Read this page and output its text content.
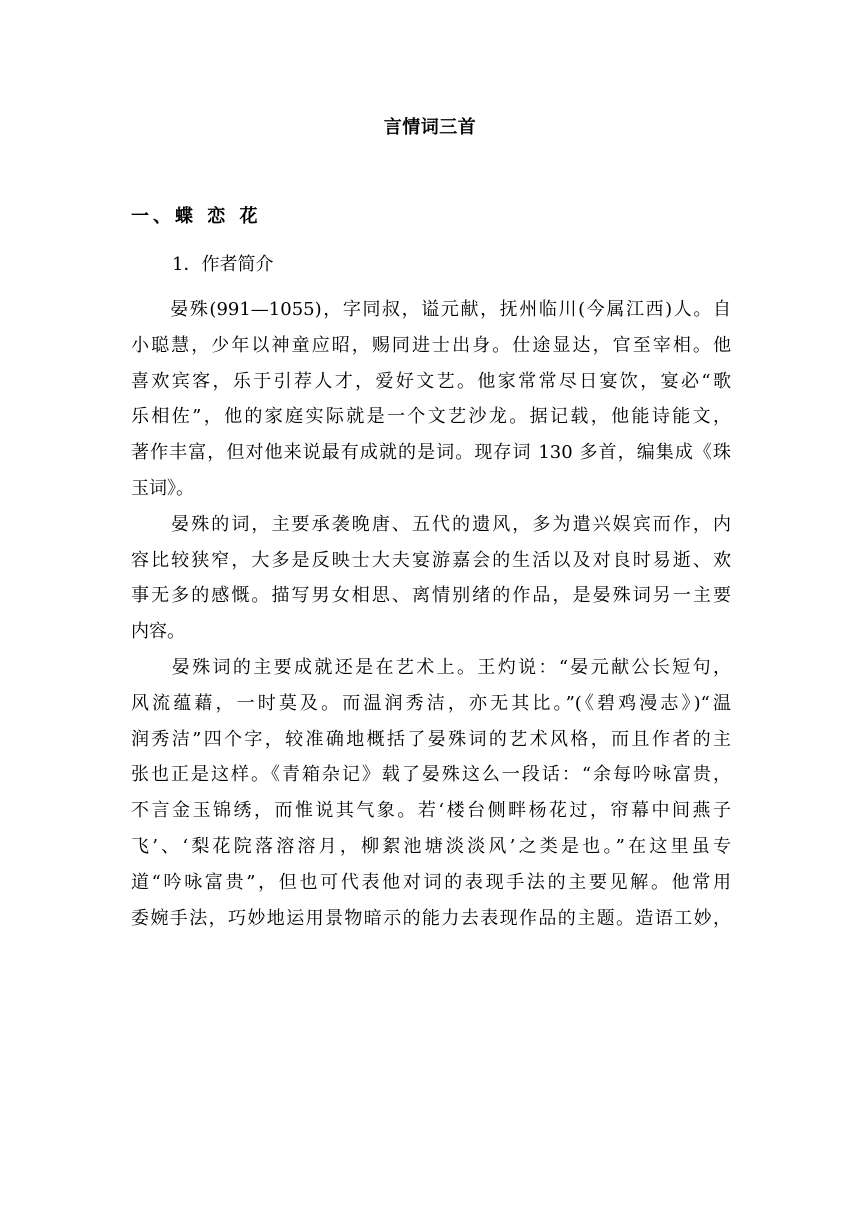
言情词三首
一、蝶 恋 花
1．作者简介
　　晏殊(991—1055)，字同叔，谥元献，抚州临川(今属江西)人。自
小聪慧，少年以神童应昭，赐同进士出身。仕途显达，官至宰相。他
喜欢宾客，乐于引荐人才，爱好文艺。他家常常尽日宴饮，宴必“歌
乐相佐”，他的家庭实际就是一个文艺沙龙。据记载，他能诗能文，
著作丰富，但对他来说最有成就的是词。现存词 130 多首，编集成《珠
玉词》。
　　晏殊的词，主要承袭晚唐、五代的遗风，多为遣兴娱宾而作，内
容比较狭窄，大多是反映士大夫宴游嘉会的生活以及对良时易逝、欢
事无多的感慨。描写男女相思、离情别绪的作品，是晏殊词另一主要
内容。
　　晏殊词的主要成就还是在艺术上。王灼说：“晏元献公长短句，
风流蕴藉，一时莫及。而温润秀洁，亦无其比。”(《碧鸡漫志》)“温
润秀洁”四个字，较准确地概括了晏殊词的艺术风格，而且作者的主
张也正是这样。《青箱杂记》载了晏殊这么一段话：“余每吟咏富贵，
不言金玉锦绣，而惟说其气象。若‘楼台侧畔杨花过，帘幕中间燕子
飞’、‘梨花院落溶溶月，柳絮池塘淡淡风’之类是也。”在这里虽专
道“吟咏富贵”，但也可代表他对词的表现手法的主要见解。他常用
委婉手法，巧妙地运用景物暗示的能力去表现作品的主题。造语工妙，
